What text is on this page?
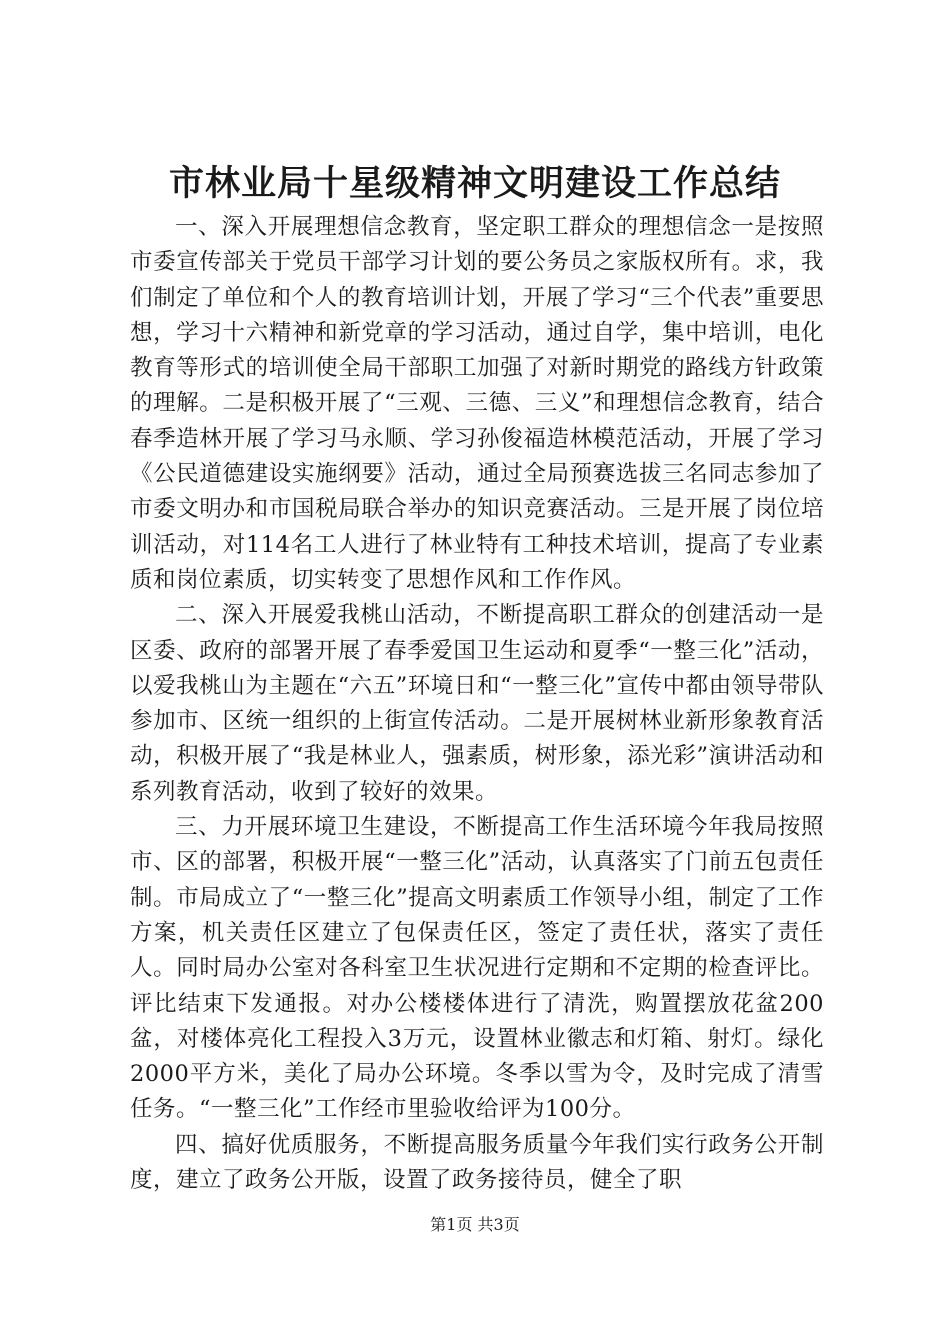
市林业局十星级精神文明建设工作总结

一、深入开展理想信念教育，坚定职工群众的理想信念一是按照市委宣传部关于党员干部学习计划的要公务员之家版权所有。求，我们制定了单位和个人的教育培训计划，开展了学习“三个代表”重要思想，学习十六精神和新党章的学习活动，通过自学，集中培训，电化教育等形式的培训使全局干部职工加强了对新时期党的路线方针政策的理解。二是积极开展了“三观、三德、三义”和理想信念教育，结合春季造林开展了学习马永顺、学习孙俊福造林模范活动，开展了学习《公民道德建设实施纲要》活动，通过全局预赛选拔三名同志参加了市委文明办和市国税局联合举办的知识竞赛活动。三是开展了岗位培训活动，对114名工人进行了林业特有工种技术培训，提高了专业素质和岗位素质，切实转变了思想作风和工作作风。

二、深入开展爱我桃山活动，不断提高职工群众的创建活动一是区委、政府的部署开展了春季爱国卫生运动和夏季“一整三化”活动，以爱我桃山为主题在“六五”环境日和“一整三化”宣传中都由领导带队参加市、区统一组织的上街宣传活动。二是开展树林业新形象教育活动，积极开展了“我是林业人，强素质，树形象，添光彩”演讲活动和系列教育活动，收到了较好的效果。

三、力开展环境卫生建设，不断提高工作生活环境今年我局按照市、区的部署，积极开展“一整三化”活动，认真落实了门前五包责任制。市局成立了“一整三化”提高文明素质工作领导小组，制定了工作方案，机关责任区建立了包保责任区，签定了责任状，落实了责任人。同时局办公室对各科室卫生状况进行定期和不定期的检查评比。评比结束下发通报。对办公楼楼体进行了清洗，购置摆放花盆200盆，对楼体亮化工程投入3万元，设置林业徽志和灯箱、射灯。绿化2000平方米，美化了局办公环境。冬季以雪为令，及时完成了清雪任务。“一整三化”工作经市里验收给评为100分。

四、搞好优质服务，不断提高服务质量今年我们实行政务公开制度，建立了政务公开版，设置了政务接待员，健全了职

第1页 共3页
